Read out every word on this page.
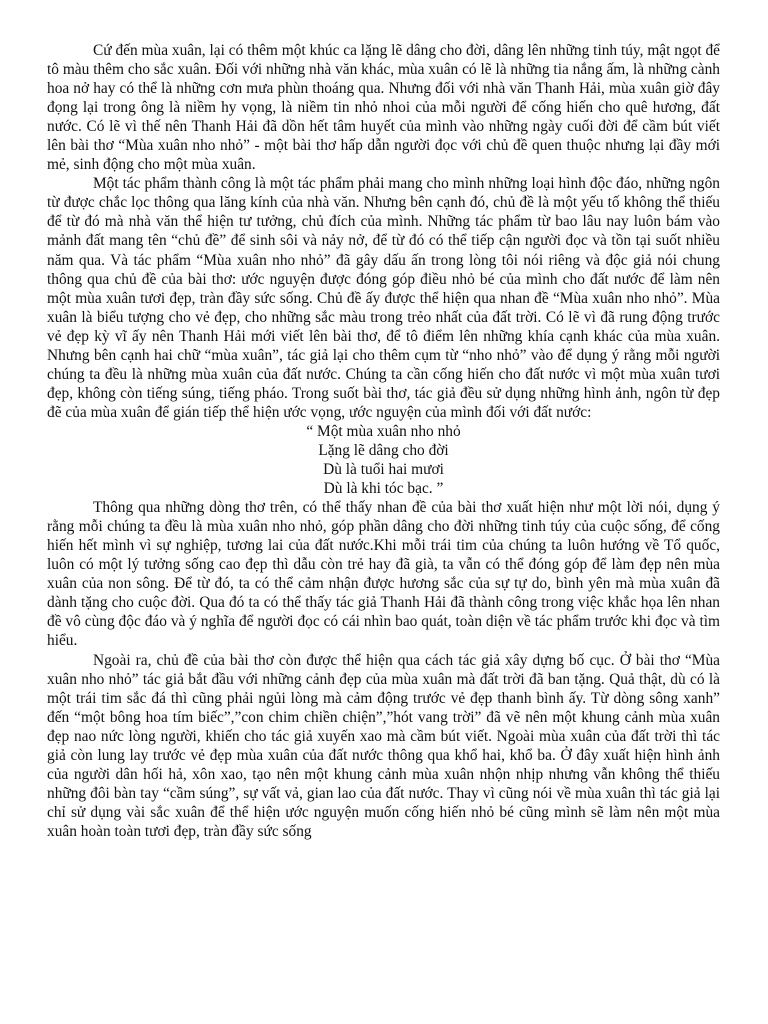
Cứ đến mùa xuân, lại có thêm một khúc ca lặng lẽ dâng cho đời, dâng lên những tinh túy, mật ngọt để tô màu thêm cho sắc xuân. Đối với những nhà văn khác, mùa xuân có lẽ là những tia nắng ấm, là những cành hoa nở hay có thể là những cơn mưa phùn thoáng qua. Nhưng đối với nhà văn Thanh Hải, mùa xuân giờ đây đọng lại trong ông là niềm hy vọng, là niềm tin nhỏ nhoi của mỗi người để cống hiến cho quê hương, đất nước. Có lẽ vì thế nên Thanh Hải đã dồn hết tâm huyết của mình vào những ngày cuối đời để cầm bút viết lên bài thơ “Mùa xuân nho nhỏ” - một bài thơ hấp dẫn người đọc với chủ đề quen thuộc nhưng lại đầy mới mẻ, sinh động cho một mùa xuân.

Một tác phẩm thành công là một tác phẩm phải mang cho mình những loại hình độc đáo, những ngôn từ được chắc lọc thông qua lăng kính của nhà văn. Nhưng bên cạnh đó, chủ đề là một yếu tố không thể thiếu để từ đó mà nhà văn thể hiện tư tưởng, chủ đích của mình. Những tác phẩm từ bao lâu nay luôn bám vào mảnh đất mang tên “chủ đề” để sinh sôi và nảy nở, để từ đó có thể tiếp cận người đọc và tồn tại suốt nhiều năm qua. Và tác phẩm “Mùa xuân nho nhỏ” đã gây dấu ấn trong lòng tôi nói riêng và độc giả nói chung thông qua chủ đề của bài thơ: ước nguyện được đóng góp điều nhỏ bé của mình cho đất nước để làm nên một mùa xuân tươi đẹp, tràn đầy sức sống. Chủ đề ấy được thể hiện qua nhan đề “Mùa xuân nho nhỏ”. Mùa xuân là biểu tượng cho vẻ đẹp, cho những sắc màu trong trẻo nhất của đất trời. Có lẽ vì đã rung động trước vẻ đẹp kỳ vĩ ấy nên Thanh Hải mới viết lên bài thơ, để tô điểm lên những khía cạnh khác của mùa xuân. Nhưng bên cạnh hai chữ “mùa xuân”, tác giả lại cho thêm cụm từ “nho nhỏ” vào để dụng ý rằng mỗi người chúng ta đều là những mùa xuân của đất nước. Chúng ta cần cống hiến cho đất nước vì một mùa xuân tươi đẹp, không còn tiếng súng, tiếng pháo. Trong suốt bài thơ, tác giả đều sử dụng những hình ảnh, ngôn từ đẹp đẽ của mùa xuân để gián tiếp thể hiện ước vọng, ước nguyện của mình đối với đất nước:

“ Một mùa xuân nho nhỏ
Lặng lẽ dâng cho đời
Dù là tuổi hai mươi
Dù là khi tóc bạc. ”

Thông qua những dòng thơ trên, có thể thấy nhan đề của bài thơ xuất hiện như một lời nói, dụng ý rằng mỗi chúng ta đều là mùa xuân nho nhỏ, góp phần dâng cho đời những tinh túy của cuộc sống, để cống hiến hết mình vì sự nghiệp, tương lai của đất nước.Khi mỗi trái tim của chúng ta luôn hướng về Tổ quốc, luôn có một lý tưởng sống cao đẹp thì dẫu còn trẻ hay đã già, ta vẫn có thể đóng góp để làm đẹp nên mùa xuân của non sông. Để từ đó, ta có thể cảm nhận được hương sắc của sự tự do, bình yên mà mùa xuân đã dành tặng cho cuộc đời. Qua đó ta có thể thấy tác giả Thanh Hải đã thành công trong việc khắc họa lên nhan đề vô cùng độc đáo và ý nghĩa để người đọc có cái nhìn bao quát, toàn diện về tác phẩm trước khi đọc và tìm hiểu.

Ngoài ra, chủ đề của bài thơ còn được thể hiện qua cách tác giả xây dựng bố cục. Ở bài thơ “Mùa xuân nho nhỏ” tác giả bắt đầu với những cảnh đẹp của mùa xuân mà đất trời đã ban tặng. Quả thật, dù có là một trái tim sắc đá thì cũng phải ngủi lòng mà cảm động trước vẻ đẹp thanh bình ấy. Từ dòng sông xanh” đến “một bông hoa tím biếc”,”con chim chiền chiện”,”hót vang trời” đã vẽ nên một khung cảnh mùa xuân đẹp nao nức lòng người, khiến cho tác giả xuyến xao mà cầm bút viết. Ngoài mùa xuân của đất trời thì tác giả còn lung lay trước vẻ đẹp mùa xuân của đất nước thông qua khổ hai, khổ ba. Ở đây xuất hiện hình ảnh của người dân hối hả, xôn xao, tạo nên một khung cảnh mùa xuân nhộn nhịp nhưng vẫn không thể thiếu những đôi bàn tay “cầm súng”, sự vất vả, gian lao của đất nước. Thay vì cũng nói về mùa xuân thì tác giả lại chỉ sử dụng vài sắc xuân để thể hiện ước nguyện muốn cống hiến nhỏ bé cũng mình sẽ làm nên một mùa xuân hoàn toàn tươi đẹp, tràn đầy sức sống
